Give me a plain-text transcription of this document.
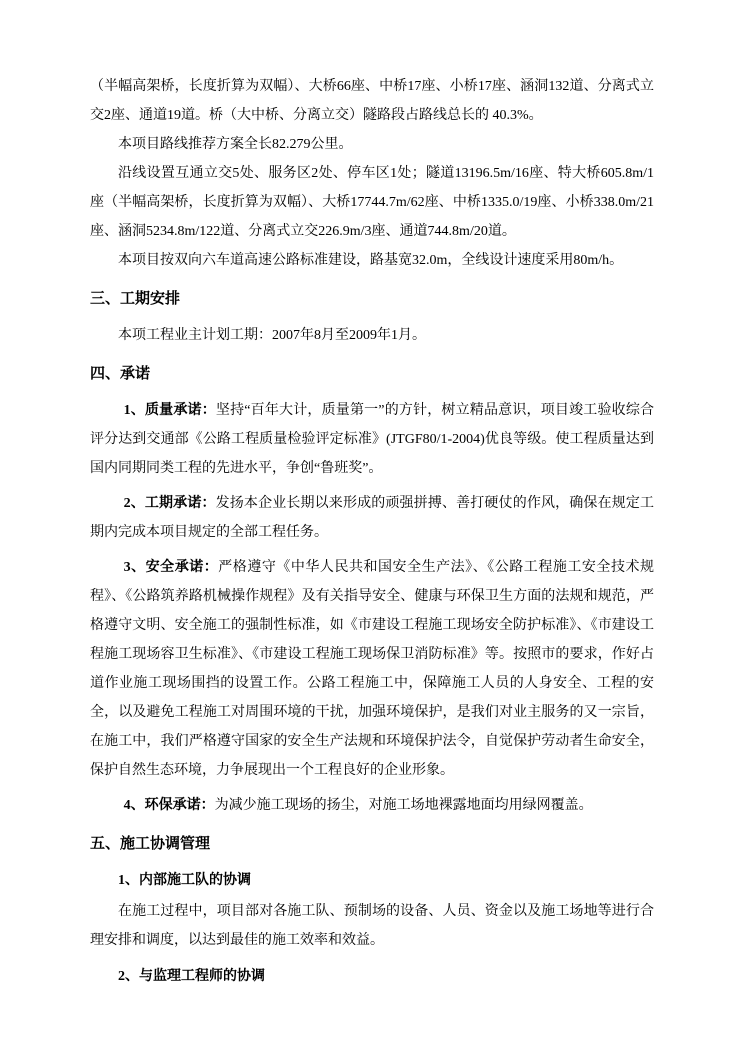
（半幅高架桥，长度折算为双幅）、大桥66座、中桥17座、小桥17座、涵洞132道、分离式立交2座、通道19道。桥（大中桥、分离立交）隧路段占路线总长的 40.3%。

本项目路线推荐方案全长82.279公里。

沿线设置互通立交5处、服务区2处、停车区1处；隧道13196.5m/16座、特大桥605.8m/1座（半幅高架桥，长度折算为双幅）、大桥17744.7m/62座、中桥1335.0/19座、小桥338.0m/21座、涵洞5234.8m/122道、分离式立交226.9m/3座、通道744.8m/20道。

本项目按双向六车道高速公路标准建设，路基宽32.0m，全线设计速度采用80m/h。

三、工期安排

本项工程业主计划工期：2007年8月至2009年1月。

四、承诺

1、质量承诺：坚持“百年大计，质量第一”的方针，树立精品意识，项目竣工验收综合评分达到交通部《公路工程质量检验评定标准》(JTGF80/1-2004)优良等级。使工程质量达到国内同期同类工程的先进水平，争创“鲁班奖”。

2、工期承诺：发扬本企业长期以来形成的顽强拼搏、善打硬仗的作风，确保在规定工期内完成本项目规定的全部工程任务。

3、安全承诺：严格遵守《中华人民共和国安全生产法》、《公路工程施工安全技术规程》、《公路筑养路机械操作规程》及有关指导安全、健康与环保卫生方面的法规和规范，严格遵守文明、安全施工的强制性标准，如《市建设工程施工现场安全防护标准》、《市建设工程施工现场容卫生标准》、《市建设工程施工现场保卫消防标准》等。按照市的要求，作好占道作业施工现场围挡的设置工作。公路工程施工中，保障施工人员的人身安全、工程的安全，以及避免工程施工对周围环境的干扰，加强环境保护，是我们对业主服务的又一宗旨，在施工中，我们严格遵守国家的安全生产法规和环境保护法令，自觉保护劳动者生命安全，保护自然生态环境，力争展现出一个工程良好的企业形象。

4、环保承诺：为减少施工现场的扬尘，对施工场地裸露地面均用绿网覆盖。

五、施工协调管理

1、内部施工队的协调

在施工过程中，项目部对各施工队、预制场的设备、人员、资金以及施工场地等进行合理安排和调度，以达到最佳的施工效率和效益。

2、与监理工程师的协调
